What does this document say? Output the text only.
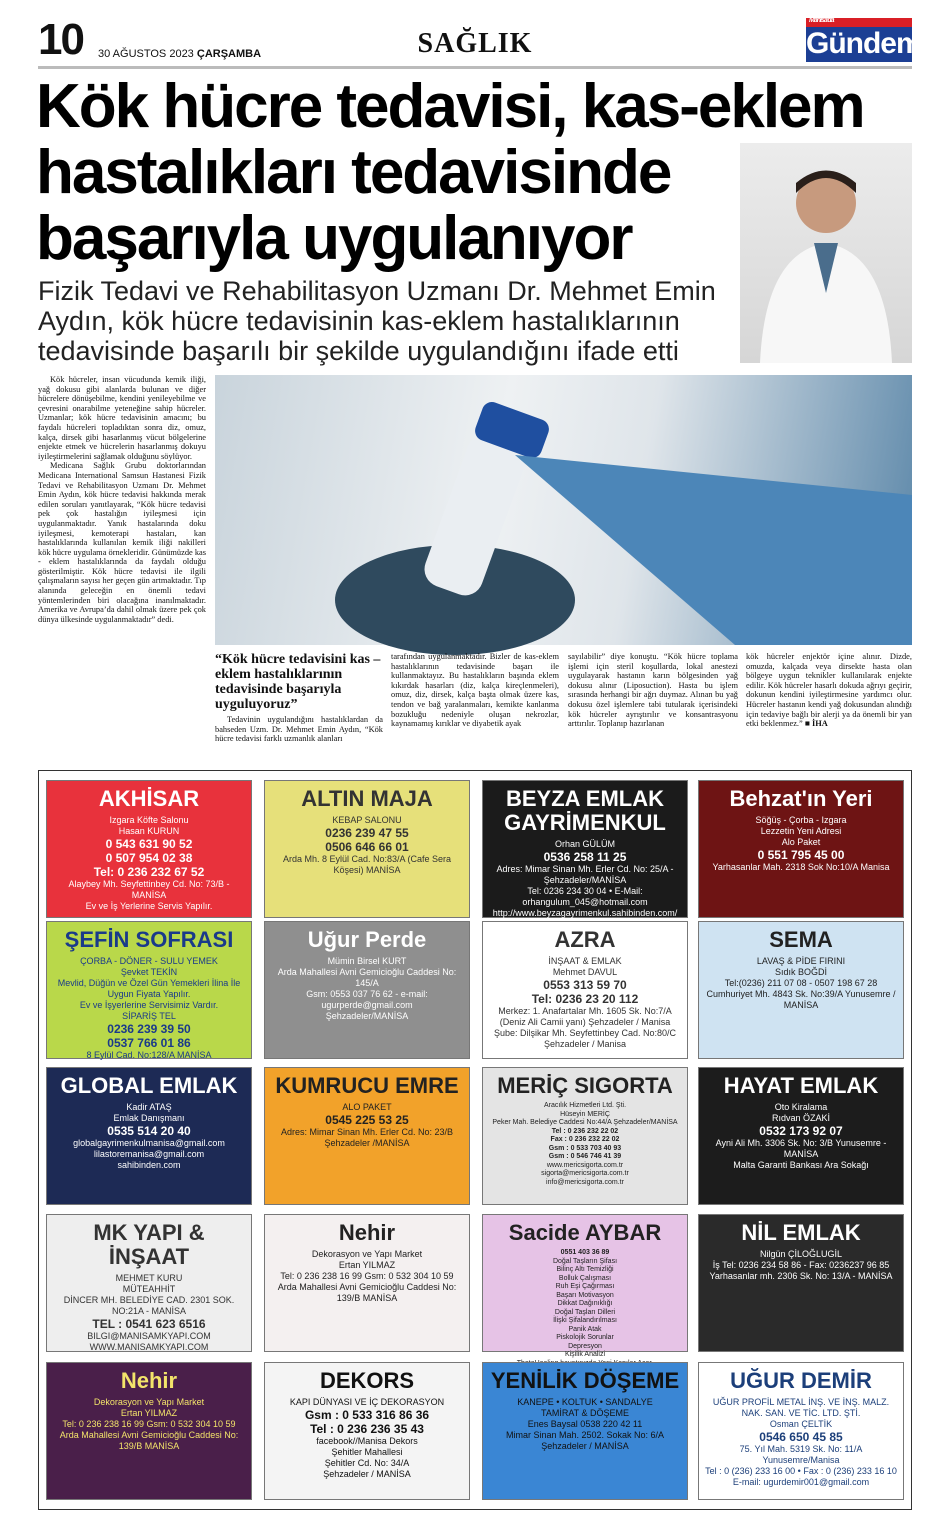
10 30 AĞUSTOS 2023 ÇARŞAMBA	SAĞLIK
Manisa'da
Gündem
Kök hücre tedavisi, kas-eklem hastalıkları tedavisinde başarıyla uygulanıyor
Fizik Tedavi ve Rehabilitasyon Uzmanı Dr. Mehmet Emin Aydın, kök hücre tedavisinin kas-eklem hastalıklarının tedavisinde başarılı bir şekilde uygulandığını ifade etti

Kök hücreler, insan vücudunda kemik iliği, yağ dokusu gibi alanlarda bulunan ve diğer hücrelere dönüşebilme, kendini yenileyebilme ve çevresini onarabilme yeteneğine sahip hücreler. Uzmanlar; kök hücre tedavisinin amacını; bu faydalı hücreleri topladıktan sonra diz, omuz, kalça, dirsek gibi hasarlanmış vücut bölgelerine enjekte etmek ve hücrelerin hasarlanmış dokuyu iyileştirmelerini sağlamak olduğunu söylüyor.

Medicana Sağlık Grubu doktorlarından Medicana International Samsun Hastanesi Fizik Tedavi ve Rehabilitasyon Uzmanı Dr. Mehmet Emin Aydın, kök hücre tedavisi hakkında merak edilen soruları yanıtlayarak, “Kök hücre tedavisi pek çok hastalığın iyileşmesi için uygulanmaktadır. Yanık hastalarında doku iyileşmesi, kemoterapi hastaları, kan hastalıklarında kullanılan kemik iliği nakilleri kök hücre uygulama örnekleridir. Günümüzde kas - eklem hastalıklarında da faydalı olduğu gösterilmiştir. Kök hücre tedavisi ile ilgili çalışmaların sayısı her geçen gün artmaktadır. Tıp alanında geleceğin en önemli tedavi yöntemlerinden biri olacağına inanılmaktadır. Amerika ve Avrupa’da dahil olmak üzere pek çok dünya ülkesinde uygulanmaktadır” dedi.

“Kök hücre tedavisini kas – eklem hastalıklarının tedavisinde başarıyla uyguluyoruz”

Tedavinin uygulandığını hastalıklardan da bahseden Uzm. Dr. Mehmet Emin Aydın, “Kök hücre tedavisi farklı uzmanlık alanları

tarafından uygulanmaktadır. Bizler de kas-eklem hastalıklarının tedavisinde başarı ile kullanmaktayız. Bu hastalıkların başında eklem kıkırdak hasarları (diz, kalça kireçlenmeleri), omuz, diz, dirsek, kalça başta olmak üzere kas, tendon ve bağ yaralanmaları, kemikte kanlanma bozukluğu nedeniyle oluşan nekrozlar, kaynamamış kırıklar ve diyabetik ayak
sayılabilir” diye konuştu. “Kök hücre toplama işlemi için steril koşullarda, lokal anestezi uygulayarak hastanın karın bölgesinden yağ dokusu alınır (Liposuction). Hasta bu işlem sırasında herhangi bir ağrı duymaz. Alınan bu yağ dokusu özel işlemlere tabi tutularak içerisindeki kök hücreler ayrıştırılır ve konsantrasyonu arttırılır. Toplanıp hazırlanan
kök hücreler enjektör içine alınır. Dizde, omuzda, kalçada veya dirsekte hasta olan bölgeye uygun teknikler kullanılarak enjekte edilir. Kök hücreler hasarlı dokuda ağrıyı geçirir, dokunun kendini iyileştirmesine yardımcı olur. Hücreler hastanın kendi yağ dokusundan alındığı için tedaviye bağlı bir alerji ya da önemli bir yan etki beklenmez.” ■ İHA
AKHİSAR
Izgara Köfte Salonu
Hasan KURUN
0 543 631 90 52
0 507 954 02 38
Tel: 0 236 232 67 52
Alaybey Mh. Seyfettinbey Cd. No: 73/B - MANİSA
Ev ve İş Yerlerine Servis Yapılır.
ALTIN MAJA
KEBAP SALONU
0236 239 47 55
0506 646 66 01
Arda Mh. 8 Eylül Cad. No:83/A (Cafe Sera Köşesi) MANİSA
BEYZA EMLAK GAYRİMENKUL
Orhan GÜLÜM
0536 258 11 25
Adres: Mimar Sinan Mh. Erler Cd. No: 25/A - Şehzadeler/MANİSA
Tel: 0236 234 30 04 • E-Mail: orhangulum_045@hotmail.com
http://www.beyzagayrimenkul.sahibinden.com/
Behzat'ın Yeri
Söğüş - Çorba - Izgara
Lezzetin Yeni Adresi
Alo Paket
0 551 795 45 00
Yarhasanlar Mah. 2318 Sok No:10/A Manisa
ŞEFİN SOFRASI
ÇORBA - DÖNER - SULU YEMEK
Şevket TEKİN
Mevlid, Düğün ve Özel Gün Yemekleri İlina İle Uygun Fiyata Yapılır.
Ev ve İşyerlerine Servisimiz Vardır.
SİPARİŞ TEL
0236 239 39 50
0537 766 01 86
8 Eylül Cad. No:128/A MANİSA
Uğur Perde
Mümin Birsel KURT
Arda Mahallesi Avni Gemicioğlu Caddesi No: 145/A
Gsm: 0553 037 76 62 - e-mail: ugurperde@gmail.com
Şehzadeler/MANİSA
AZRA
İNŞAAT & EMLAK
Mehmet DAVUL
0553 313 59 70
Tel: 0236 23 20 112
Merkez: 1. Anafartalar Mh. 1605 Sk. No:7/A (Deniz Ali Camii yanı) Şehzadeler / Manisa
Şube: Dilşikar Mh. Seyfettinbey Cad. No:80/C Şehzadeler / Manisa
SEMA
LAVAŞ & PİDE FIRINI
Sıdık BOĞDİ
Tel:(0236) 211 07 08 - 0507 198 67 28
Cumhuriyet Mh. 4843 Sk. No:39/A Yunusemre / MANİSA
GLOBAL EMLAK
Kadir ATAŞ
Emlak Danışmanı
0535 514 20 40
globalgayrimenkulmanisa@gmail.com
lilastoremanisa@gmail.com
sahibinden.com
KUMRUCU EMRE
ALO PAKET
0545 225 53 25
Adres: Mimar Sinan Mh. Erler Cd. No: 23/B
Şehzadeler /MANİSA
MERİÇ SIGORTA
Aracılık Hizmetleri Ltd. Şti.
Hüseyin MERİÇ
Peker Mah. Belediye Caddesi No:44/A Şehzadeler/MANİSA
Tel : 0 236 232 22 02
Fax : 0 236 232 22 02
Gsm : 0 533 703 40 93
Gsm : 0 546 746 41 39
www.mericsigorta.com.tr
sigorta@mericsigorta.com.tr
info@mericsigorta.com.tr
HAYAT EMLAK
Oto Kiralama
Rıdvan ÖZAKİ
0532 173 92 07
Ayni Ali Mh. 3306 Sk. No: 3/B Yunusemre - MANİSA
Malta Garanti Bankası Ara Sokağı
MK YAPI & İNŞAAT
MEHMET KURU
MÜTEAHHİT
DİNCER MH. BELEDİYE CAD. 2301 SOK. NO:21A - MANİSA
TEL : 0541 623 6516
BILGI@MANISAMKYAPI.COM
WWW.MANISAMKYAPI.COM
Nehir
Dekorasyon ve Yapı Market
Ertan YILMAZ
Tel: 0 236 238 16 99 Gsm: 0 532 304 10 59
Arda Mahallesi Avni Gemicioğlu Caddesi No: 139/B MANİSA
Sacide AYBAR
0551 403 36 89
Doğal Taşların Şifası
Bilinç Altı Temizliği
Bolluk Çalışması
Ruh Eşi Çağırması
Başarı Motivasyon
Dikkat Dağınıklığı
Doğal Taşları Dilleri
İlişki Şifalandırılması
Panik Atak
Piskolojik Sorunlar
Depresyon
Kişilik Analizi
NİL EMLAK
Nilgün ÇİLOĞLUGİL
İş Tel: 0236 234 58 86 - Fax: 0236237 96 85
Yarhasanlar mh. 2306 Sk. No: 13/A - MANİSA
Nehir
Dekorasyon ve Yapı Market
Ertan YILMAZ
Tel: 0 236 238 16 99 Gsm: 0 532 304 10 59
Arda Mahallesi Avni Gemicioğlu Caddesi No: 139/B MANİSA
DEKORS
KAPI DÜNYASI VE İÇ DEKORASYON
Gsm : 0 533 316 86 36
Tel : 0 236 236 35 43
facebook//Manisa Dekors
Şehitler Mahallesi
Şehitler Cd. No: 34/A
Şehzadeler / MANİSA
YENİLİK DÖŞEME
KANEPE • KOLTUK • SANDALYE
TAMİRAT & DÖŞEME
Enes Baysal 0538 220 42 11
Mimar Sinan Mah. 2502. Sokak No: 6/A Şehzadeler / MANİSA
UĞUR DEMİR
UĞUR PROFİL METAL İNŞ. VE İNŞ. MALZ. NAK. SAN. VE TİC. LTD. ŞTİ.
Osman ÇELTİK
0546 650 45 85
75. Yıl Mah. 5319 Sk. No: 11/A Yunusemre/Manisa
Tel : 0 (236) 233 16 00 • Fax : 0 (236) 233 16 10
E-mail: ugurdemir001@gmail.com
